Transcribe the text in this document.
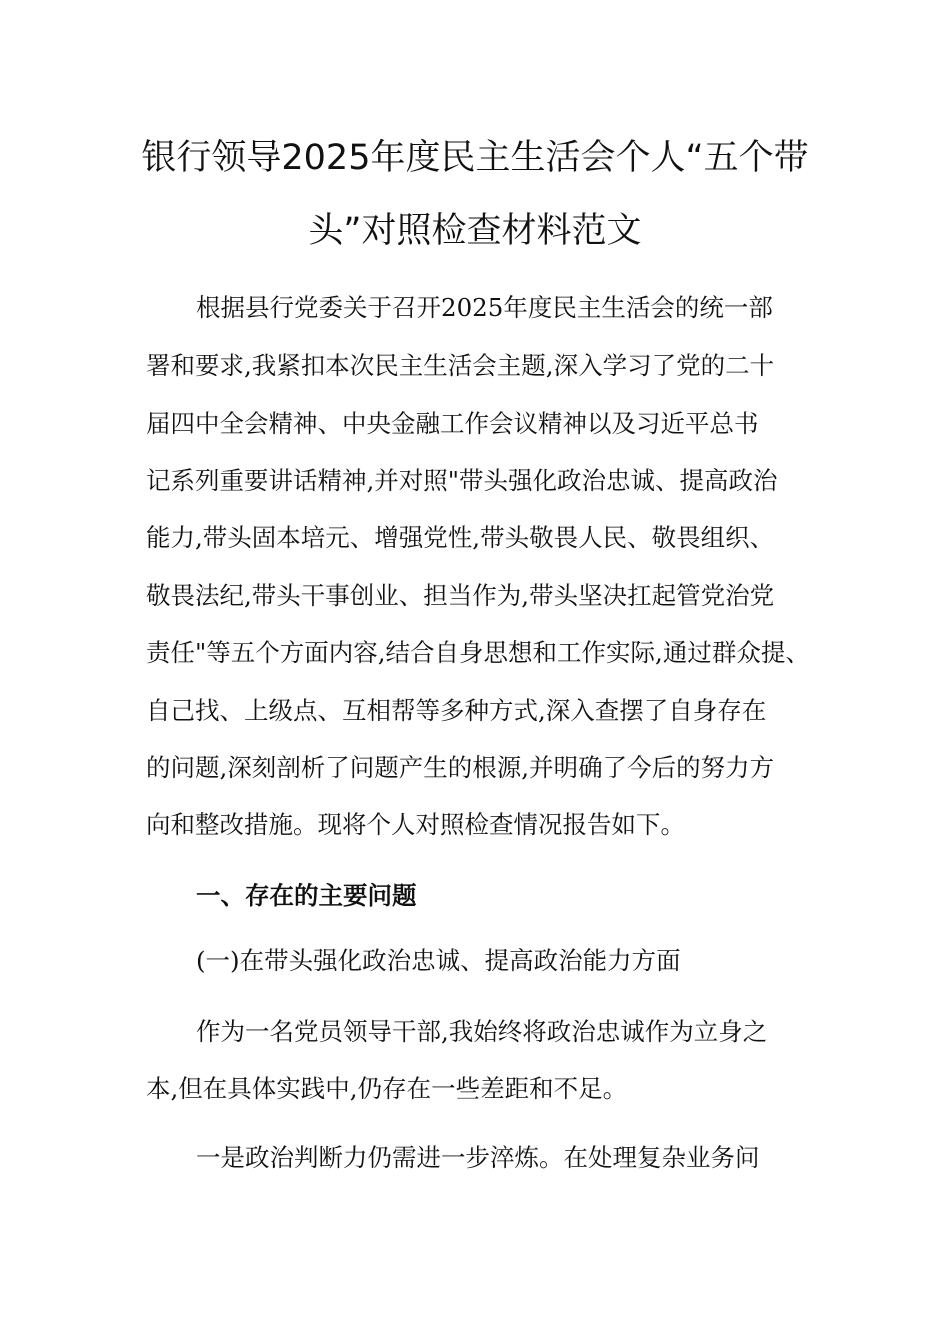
银行领导2025年度民主生活会个人“五个带
头”对照检查材料范文
根据县行党委关于召开2025年度民主生活会的统一部
署和要求,我紧扣本次民主生活会主题,深入学习了党的二十
届四中全会精神、中央金融工作会议精神以及习近平总书
记系列重要讲话精神,并对照"带头强化政治忠诚、提高政治
能力,带头固本培元、增强党性,带头敬畏人民、敬畏组织、
敬畏法纪,带头干事创业、担当作为,带头坚决扛起管党治党
责任"等五个方面内容,结合自身思想和工作实际,通过群众提、
自己找、上级点、互相帮等多种方式,深入查摆了自身存在
的问题,深刻剖析了问题产生的根源,并明确了今后的努力方
向和整改措施。现将个人对照检查情况报告如下。
一、存在的主要问题
(一)在带头强化政治忠诚、提高政治能力方面
作为一名党员领导干部,我始终将政治忠诚作为立身之
本,但在具体实践中,仍存在一些差距和不足。
一是政治判断力仍需进一步淬炼。在处理复杂业务问
